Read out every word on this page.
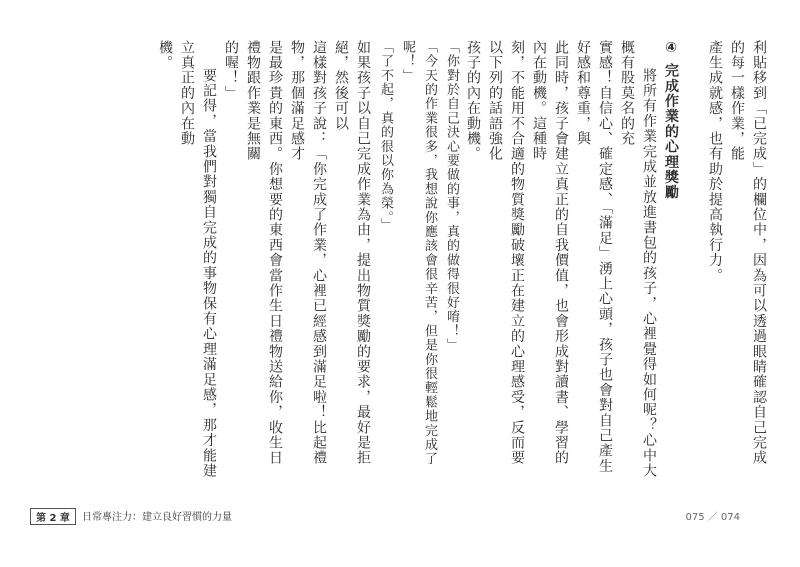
利貼移到「已完成」的欄位中，因為可以透過眼睛確認自己完成的每一樣作業，能

產生成就感，也有助於提高執行力。

④ 完成作業的心理獎勵

將所有作業完成並放進書包的孩子，心裡覺得如何呢？心中大概有股莫名的充

實感！自信心、確定感、「滿足」湧上心頭，孩子也會對自己產生好感和尊重，與

此同時，孩子會建立真正的自我價值，也會形成對讀書、學習的內在動機。這種時

刻，不能用不合適的物質獎勵破壞正在建立的心理感受，反而要以下列的話語強化

孩子的內在動機。

「你對於自己決心要做的事，真的做得很好唷！」

「今天的作業很多，我想說你應該會很辛苦，但是你很輕鬆地完成了呢！」

「了不起，真的很以你為榮。」

如果孩子以自己完成作業為由，提出物質獎勵的要求，最好是拒絕，然後可以

這樣對孩子說：「你完成了作業，心裡已經感到滿足啦！比起禮物，那個滿足感才

是最珍貴的東西。你想要的東西會當作生日禮物送給你，收生日禮物跟作業是無關

的喔！」

要記得，當我們對獨自完成的事物保有心理滿足感，那才能建立真正的內在動

機。

第 2 章	日常專注力：建立良好習慣的力量	075 ／ 074
